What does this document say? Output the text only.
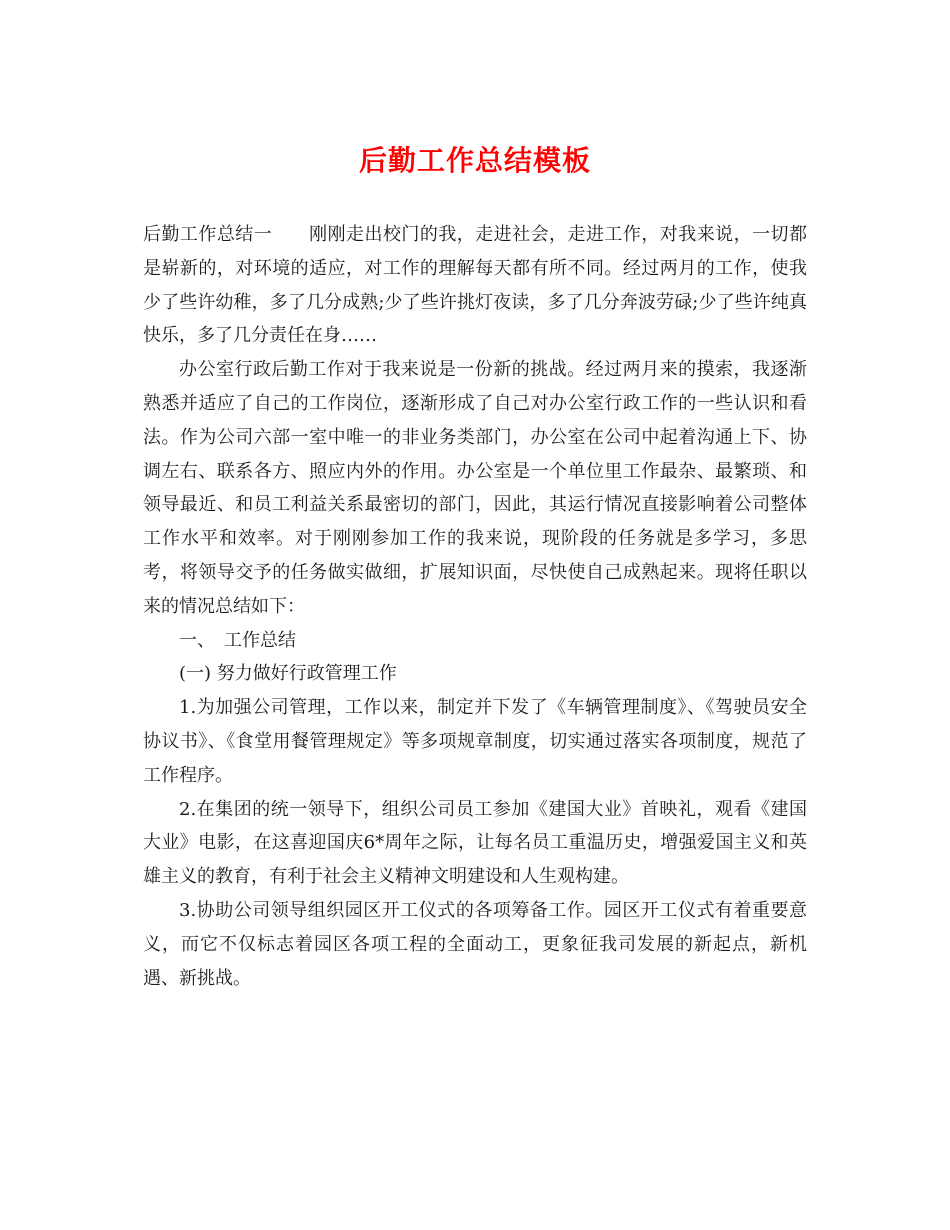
后勤工作总结模板

后勤工作总结一　　刚刚走出校门的我，走进社会，走进工作，对我来说，一切都是崭新的，对环境的适应，对工作的理解每天都有所不同。经过两月的工作，使我少了些许幼稚，多了几分成熟;少了些许挑灯夜读，多了几分奔波劳碌;少了些许纯真快乐，多了几分责任在身……

办公室行政后勤工作对于我来说是一份新的挑战。经过两月来的摸索，我逐渐熟悉并适应了自己的工作岗位，逐渐形成了自己对办公室行政工作的一些认识和看法。作为公司六部一室中唯一的非业务类部门，办公室在公司中起着沟通上下、协调左右、联系各方、照应内外的作用。办公室是一个单位里工作最杂、最繁琐、和领导最近、和员工利益关系最密切的部门，因此，其运行情况直接影响着公司整体工作水平和效率。对于刚刚参加工作的我来说，现阶段的任务就是多学习，多思考，将领导交予的任务做实做细，扩展知识面，尽快使自己成熟起来。现将任职以来的情况总结如下：

一、　工作总结

(一) 努力做好行政管理工作

1.为加强公司管理，工作以来，制定并下发了《车辆管理制度》、《驾驶员安全协议书》、《食堂用餐管理规定》等多项规章制度，切实通过落实各项制度，规范了工作程序。

2.在集团的统一领导下，组织公司员工参加《建国大业》首映礼，观看《建国大业》电影，在这喜迎国庆6*周年之际，让每名员工重温历史，增强爱国主义和英雄主义的教育，有利于社会主义精神文明建设和人生观构建。

3.协助公司领导组织园区开工仪式的各项筹备工作。园区开工仪式有着重要意义，而它不仅标志着园区各项工程的全面动工，更象征我司发展的新起点，新机遇、新挑战。
